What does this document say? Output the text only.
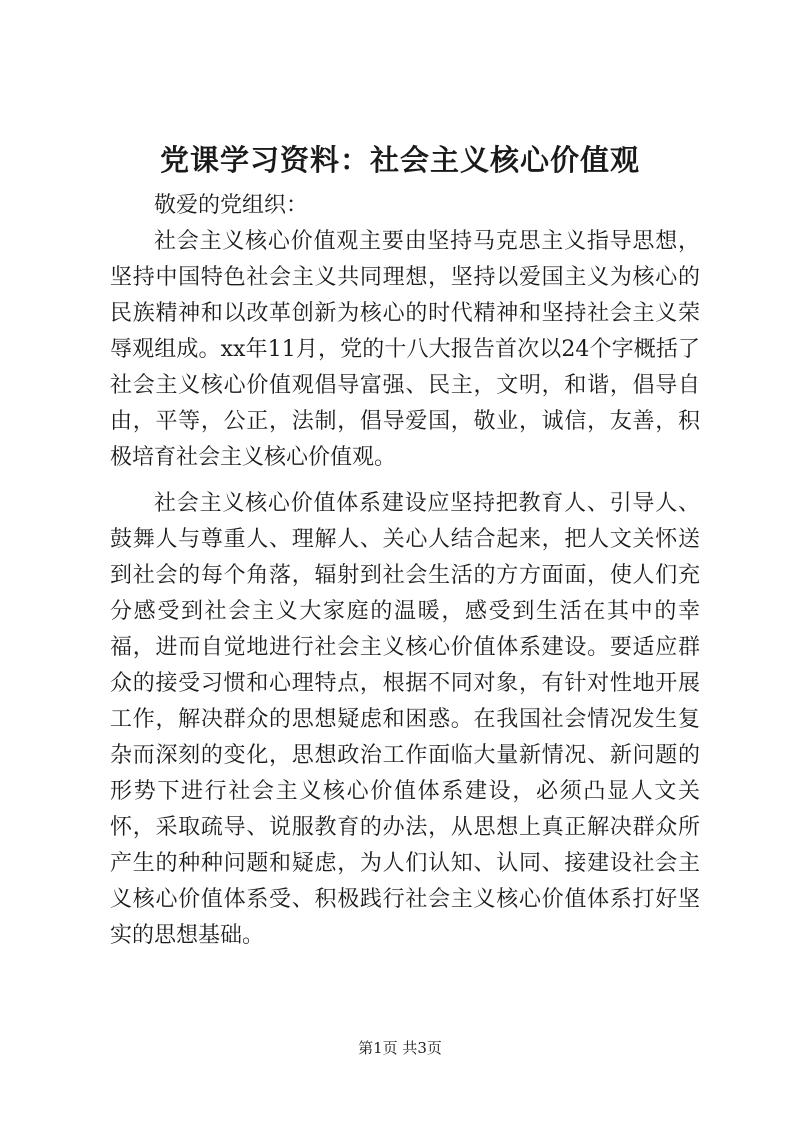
党课学习资料：社会主义核心价值观

敬爱的党组织：

社会主义核心价值观主要由坚持马克思主义指导思想，坚持中国特色社会主义共同理想，坚持以爱国主义为核心的民族精神和以改革创新为核心的时代精神和坚持社会主义荣辱观组成。xx年11月，党的十八大报告首次以24个字概括了社会主义核心价值观倡导富强、民主，文明，和谐，倡导自由，平等，公正，法制，倡导爱国，敬业，诚信，友善，积极培育社会主义核心价值观。

社会主义核心价值体系建设应坚持把教育人、引导人、鼓舞人与尊重人、理解人、关心人结合起来，把人文关怀送到社会的每个角落，辐射到社会生活的方方面面，使人们充分感受到社会主义大家庭的温暖，感受到生活在其中的幸福，进而自觉地进行社会主义核心价值体系建设。要适应群众的接受习惯和心理特点，根据不同对象，有针对性地开展工作，解决群众的思想疑虑和困惑。在我国社会情况发生复杂而深刻的变化，思想政治工作面临大量新情况、新问题的形势下进行社会主义核心价值体系建设，必须凸显人文关怀，采取疏导、说服教育的办法，从思想上真正解决群众所产生的种种问题和疑虑，为人们认知、认同、接建设社会主义核心价值体系受、积极践行社会主义核心价值体系打好坚实的思想基础。

第1页 共3页
